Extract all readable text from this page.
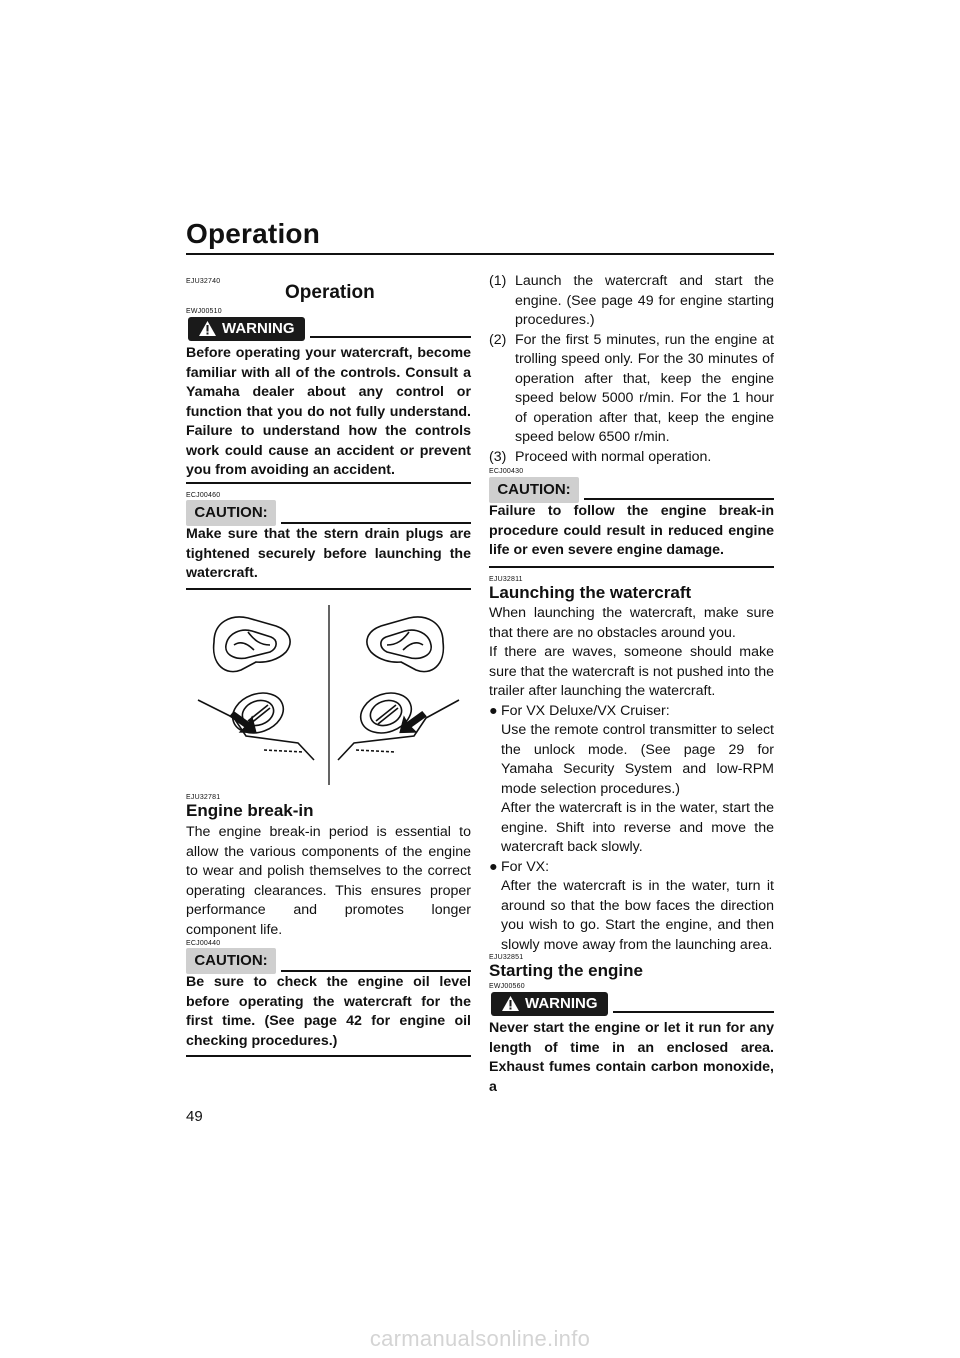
Operation
EJU32740
Operation
EWJ00510
WARNING

Before operating your watercraft, become familiar with all of the controls. Consult a Yamaha dealer about any control or function that you do not fully understand. Failure to understand how the controls work could cause an accident or prevent you from avoiding an accident.

ECJ00460
CAUTION:

Make sure that the stern drain plugs are tightened securely before launching the watercraft.

EJU32781
Engine break-in

The engine break-in period is essential to allow the various components of the engine to wear and polish themselves to the correct operating clearances. This ensures proper performance and promotes longer component life.

ECJ00440
CAUTION:

Be sure to check the engine oil level before operating the watercraft for the first time. (See page 42 for engine oil checking procedures.)

(1) Launch the watercraft and start the engine. (See page 49 for engine starting procedures.)
(2) For the first 5 minutes, run the engine at trolling speed only. For the 30 minutes of operation after that, keep the engine speed below 5000 r/min. For the 1 hour of operation after that, keep the engine speed below 6500 r/min.
(3) Proceed with normal operation.
ECJ00430
CAUTION:

Failure to follow the engine break-in procedure could result in reduced engine life or even severe engine damage.

EJU32811
Launching the watercraft

When launching the watercraft, make sure that there are no obstacles around you.

If there are waves, someone should make sure that the watercraft is not pushed into the trailer after launching the watercraft.

● For VX Deluxe/VX Cruiser:
Use the remote control transmitter to select the unlock mode. (See page 29 for Yamaha Security System and low-RPM mode selection procedures.)
After the watercraft is in the water, start the engine. Shift into reverse and move the watercraft back slowly.
● For VX:
After the watercraft is in the water, turn it around so that the bow faces the direction you wish to go. Start the engine, and then slowly move away from the launching area.
EJU32851
Starting the engine
EWJ00560
WARNING

Never start the engine or let it run for any length of time in an enclosed area. Exhaust fumes contain carbon monoxide, a

49
carmanualsonline.info
